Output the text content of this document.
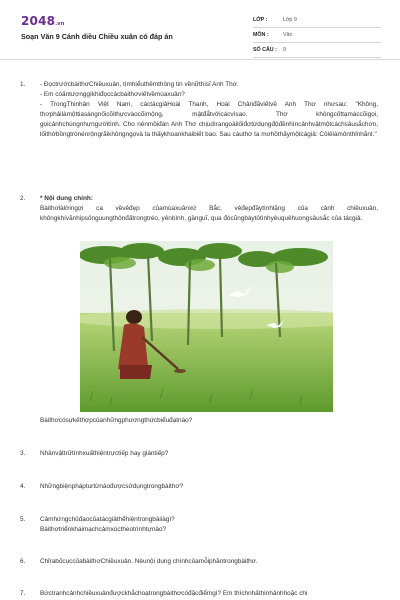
2048.vn
Soạn Văn 9 Cánh diều Chiều xuân có đáp án
LỚP :	Lớp 9
MÔN :	Văn
SỐ CÂU :	9
1.	- ĐọctrướcbàithơChiềuxuân, tìmhiểuthêmthông tin vềnữthisĩ Anh Thơ.

- Em cóấntượnggìkhiđọccácbàithơviếtvềmùaxuân?

- TrongThinhân Việt Nam, cáctácgiảHoài Thanh, Hoài Chânđãviếtvề Anh Thơ nhưsau: "Không, thơphảilàmộttiasángnốicõithựcvàocõimộng, mậtđắtvớicácvìsao. Thơ khôngcốttạmáccõigọi, gọicảnhchúngnhưngườitình. Cho nênmồiđàn Anh Thơ chịudìrangoàilốiđơtừdụngđộđềnhìncảnhvậtmộtcáchsâusắchơn, lốithờbồngtrònénrộngrãikhôngngọvà ta thấykhoankhaibiết bao. Sau cáuthơ ta mơhồthấymộtcágiả: CôlêlàmônthỉnhãnI."

2.	* Nội dung chính:

Bàithơlàlờingợi ca vềvẻđẹp củamùaxuânxứ Bắc, vẻđẹpđầytìnhlặng của cảnh chiềuxuân, khôngkhívănhipsônguungthônđấtrongtréo, yênbình, gầnguĩ, qua đócũngbàytỏtìnhyêuquêhuongsâusắc của tácgiả.

Bàithơcósựkếthợpcủanhữngphươngthứcbiểuđạtnào?

3.	Nhânvậttrữtìnhxuấthiệntrựctiếp hay giántiếp?

4.	Nhữngbiệnphápturtừnàođượcsửdụngtrongbàithơ?

5.	Cảmhứngchủđạocủatácgiảthểhiệntrongbàilàgì?

Bàithơtriểnkhaimạchcảmxúctheotrìnhtựnào?

6.	ChỉrabốcụccủabàithơChiềuxuân. Nêunội dung chínhcủamỗiphầntrongbàithơ.

7.	Bứctranhcảnhchiềuxuânđượckhắchoạtrongbàithơcóđặcđiểmgì? Em thíchnhấthìnhảnhhoặc chi
